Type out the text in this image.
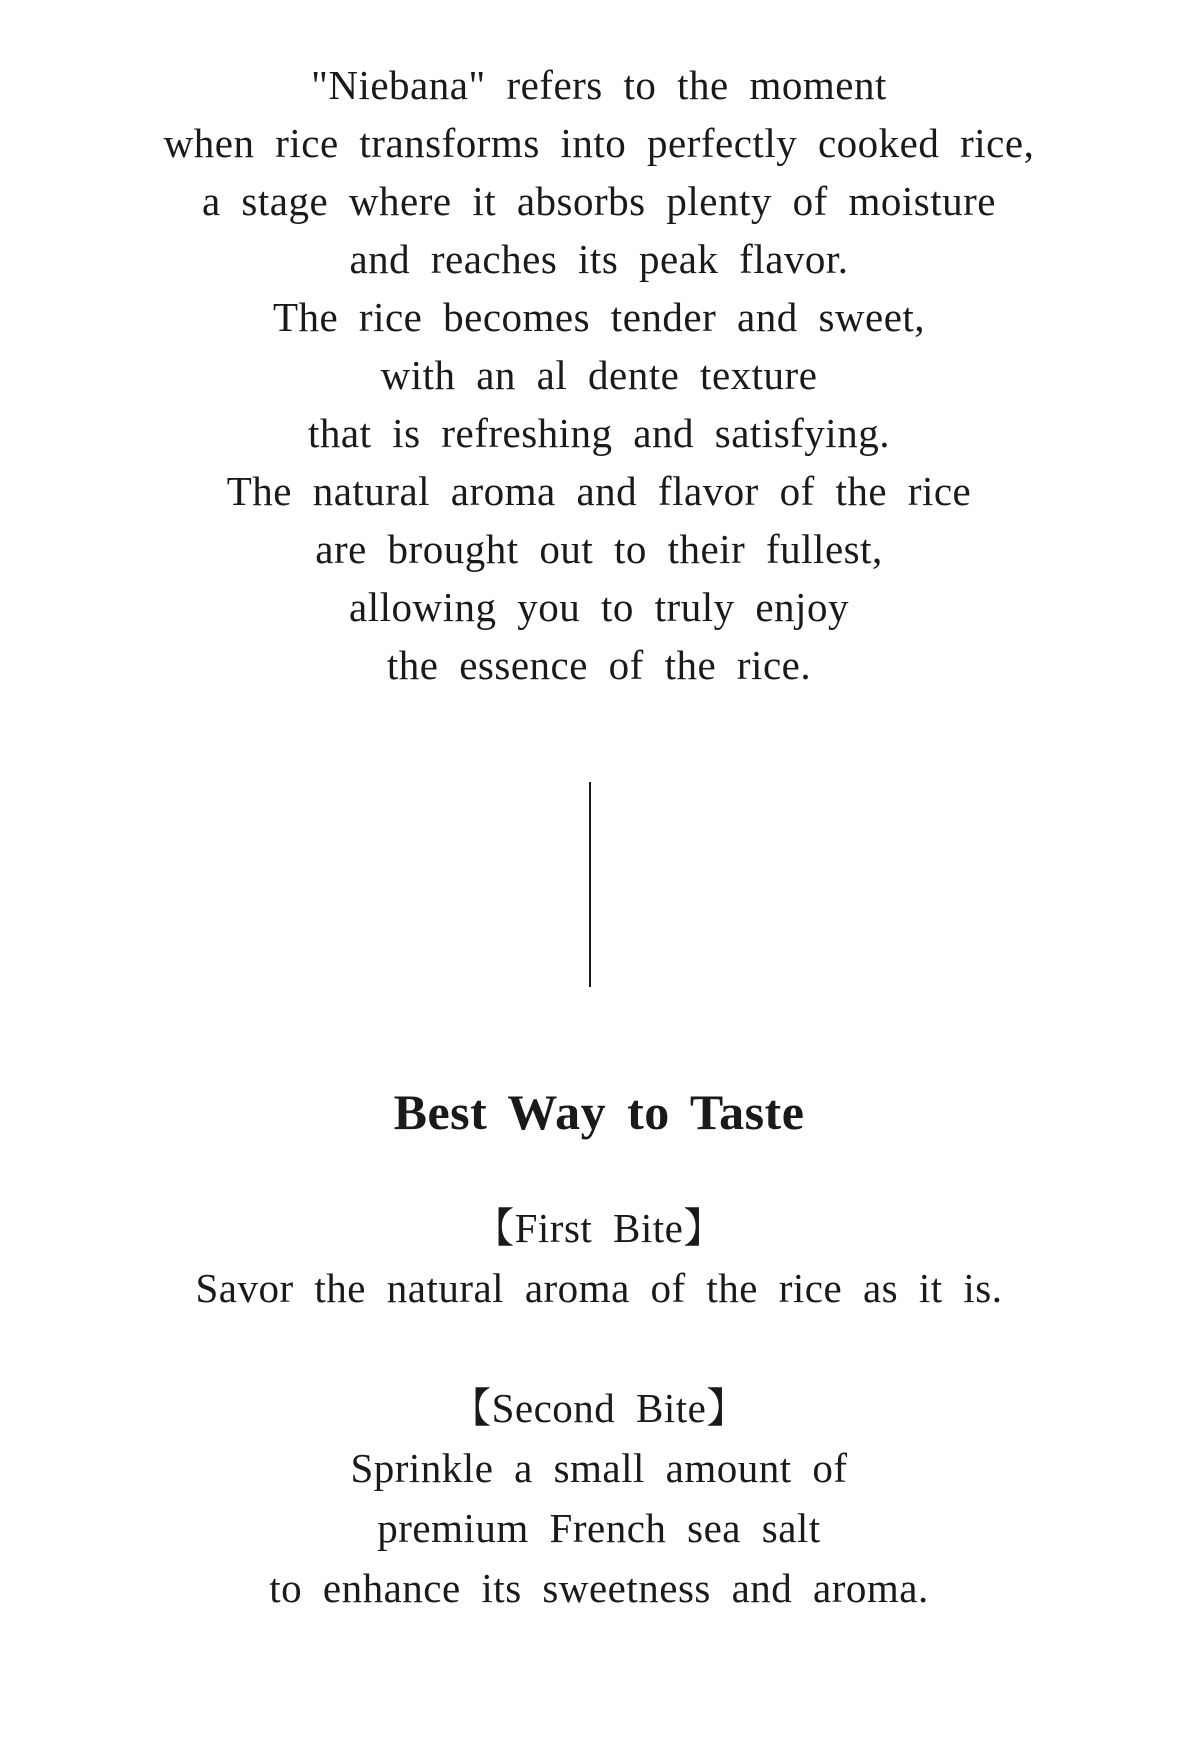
"Niebana" refers to the moment
when rice transforms into perfectly cooked rice,
a stage where it absorbs plenty of moisture
and reaches its peak flavor.
The rice becomes tender and sweet,
with an al dente texture
that is refreshing and satisfying.
The natural aroma and flavor of the rice
are brought out to their fullest,
allowing you to truly enjoy
the essence of the rice.
Best Way to Taste
【First Bite】
Savor the natural aroma of the rice as it is.
【Second Bite】
Sprinkle a small amount of
premium French sea salt
to enhance its sweetness and aroma.
